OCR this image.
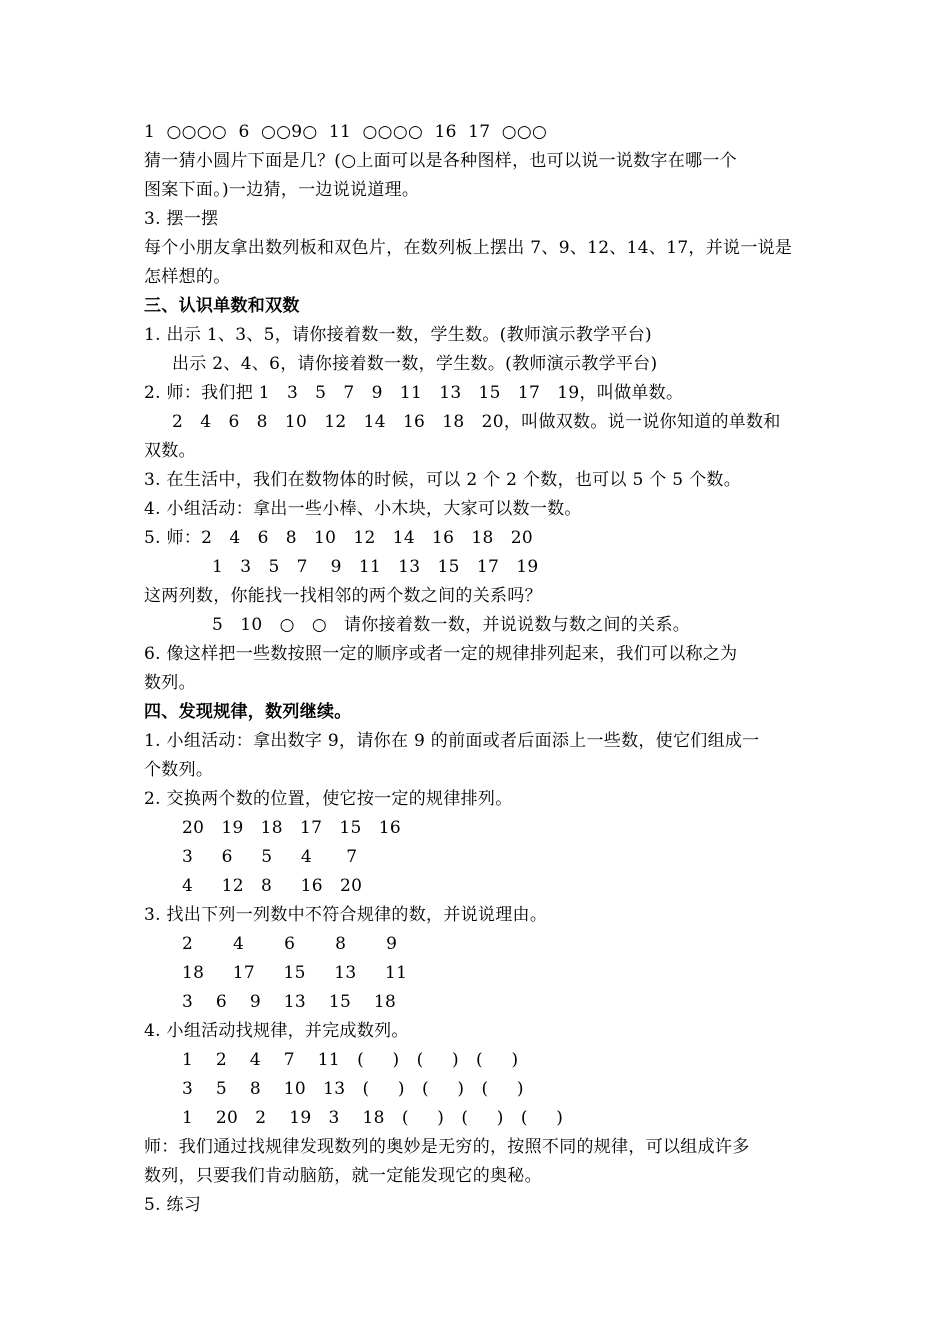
1  ○○○○  6  ○○9○  11  ○○○○  16  17  ○○○
猜一猜小圆片下面是几？(○上面可以是各种图样，也可以说一说数字在哪一个
图案下面。)一边猜，一边说说道理。
3. 摆一摆
每个小朋友拿出数列板和双色片，在数列板上摆出 7、9、12、14、17，并说一说是
怎样想的。
三、认识单数和双数
1. 出示 1、3、5，请你接着数一数，学生数。(教师演示教学平台)
出示 2、4、6，请你接着数一数，学生数。(教师演示教学平台)
2. 师：我们把 1   3   5   7   9   11   13   15   17   19，叫做单数。
2   4   6   8   10   12   14   16   18   20，叫做双数。说一说你知道的单数和
双数。
3. 在生活中，我们在数物体的时候，可以 2 个 2 个数，也可以 5 个 5 个数。
4. 小组活动：拿出一些小棒、小木块，大家可以数一数。
5. 师：2   4   6   8   10   12   14   16   18   20
1   3   5   7    9   11   13   15   17   19
这两列数，你能找一找相邻的两个数之间的关系吗？
5   10   ○   ○   请你接着数一数，并说说数与数之间的关系。
6. 像这样把一些数按照一定的顺序或者一定的规律排列起来，我们可以称之为
数列。
四、发现规律，数列继续。
1. 小组活动：拿出数字 9，请你在 9 的前面或者后面添上一些数，使它们组成一
个数列。
2. 交换两个数的位置，使它按一定的规律排列。
20   19   18   17   15   16
3     6     5     4      7
4     12   8     16   20
3. 找出下列一列数中不符合规律的数，并说说理由。
2       4       6       8       9
18     17     15     13     11
3    6    9    13    15    18
4. 小组活动找规律，并完成数列。
1    2    4    7    11   (     )   (     )   (     )
3    5    8    10   13   (     )   (     )   (     )
1    20   2    19   3    18   (     )   (     )   (     )
师：我们通过找规律发现数列的奥妙是无穷的，按照不同的规律，可以组成许多
数列，只要我们肯动脑筋，就一定能发现它的奥秘。
5. 练习
